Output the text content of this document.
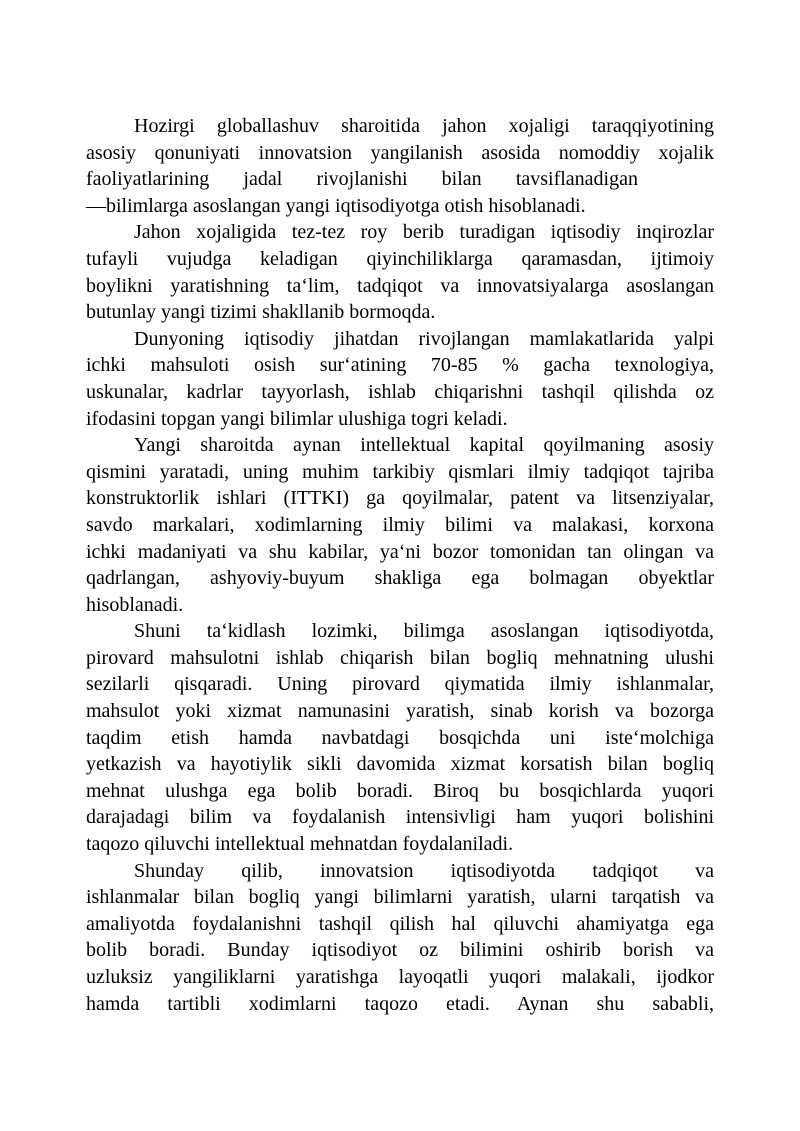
Hozirgi globallashuv sharoitida jahon xojaligi taraqqiyotining
asosiy qonuniyati innovatsion yangilanish asosida nomoddiy xojalik
faoliyatlarining jadal rivojlanishi bilan tavsiflanadigan
—bilimlarga asoslangan yangi iqtisodiyotga otish hisoblanadi.
Jahon xojaligida tez-tez roy berib turadigan iqtisodiy inqirozlar
tufayli vujudga keladigan qiyinchiliklarga qaramasdan, ijtimoiy
boylikni yaratishning ta‘lim, tadqiqot va innovatsiyalarga asoslangan
butunlay yangi tizimi shakllanib bormoqda.
Dunyoning iqtisodiy jihatdan rivojlangan mamlakatlarida yalpi
ichki mahsuloti osish sur‘atining 70-85 % gacha texnologiya,
uskunalar, kadrlar tayyorlash, ishlab chiqarishni tashqil qilishda oz
ifodasini topgan yangi bilimlar ulushiga togri keladi.
Yangi sharoitda aynan intellektual kapital qoyilmaning asosiy
qismini yaratadi, uning muhim tarkibiy qismlari ilmiy tadqiqot tajriba
konstruktorlik ishlari (ITTKI) ga qoyilmalar, patent va litsenziyalar,
savdo markalari, xodimlarning ilmiy bilimi va malakasi, korxona
ichki madaniyati va shu kabilar, ya‘ni bozor tomonidan tan olingan va
qadrlangan, ashyoviy-buyum shakliga ega bolmagan obyektlar
hisoblanadi.
Shuni ta‘kidlash lozimki, bilimga asoslangan iqtisodiyotda,
pirovard mahsulotni ishlab chiqarish bilan bogliq mehnatning ulushi
sezilarli qisqaradi. Uning pirovard qiymatida ilmiy ishlanmalar,
mahsulot yoki xizmat namunasini yaratish, sinab korish va bozorga
taqdim etish hamda navbatdagi bosqichda uni iste‘molchiga
yetkazish va hayotiylik sikli davomida xizmat korsatish bilan bogliq
mehnat ulushga ega bolib boradi. Biroq bu bosqichlarda yuqori
darajadagi bilim va foydalanish intensivligi ham yuqori bolishini
taqozo qiluvchi intellektual mehnatdan foydalaniladi.
Shunday qilib, innovatsion iqtisodiyotda tadqiqot va
ishlanmalar bilan bogliq yangi bilimlarni yaratish, ularni tarqatish va
amaliyotda foydalanishni tashqil qilish hal qiluvchi ahamiyatga ega
bolib boradi. Bunday iqtisodiyot oz bilimini oshirib borish va
uzluksiz yangiliklarni yaratishga layoqatli yuqori malakali, ijodkor
hamda tartibli xodimlarni taqozo etadi. Aynan shu sababli,
